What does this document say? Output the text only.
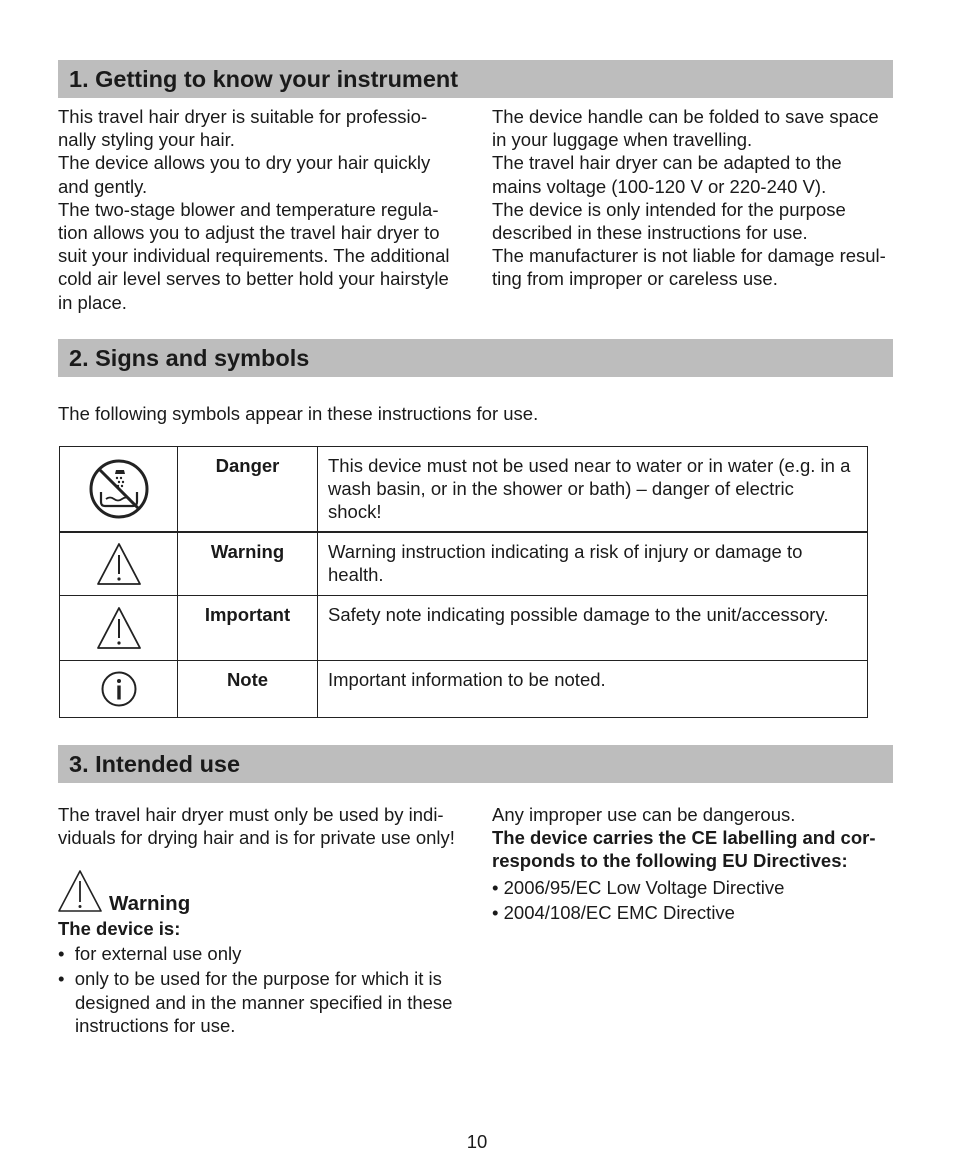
1. Getting to know your instrument

This travel hair dryer is suitable for professio-

nally styling your hair.

The device allows you to dry your hair quickly

and gently.

The two-stage blower and temperature regula-

tion allows you to adjust the travel hair dryer to

suit your individual requirements. The additional

cold air level serves to better hold your hairstyle

in place.

The device handle can be folded to save space

in your luggage when travelling.

The travel hair dryer can be adapted to the

mains voltage (100-120 V or 220-240 V).

The device is only intended for the purpose

described in these instructions for use.

The manufacturer is not liable for damage resul-

ting from improper or careless use.

2. Signs and symbols

The following symbols appear in these instructions for use.

	Danger	This device must not be used near to water or in water (e.g. in a
wash basin, or in the shower or bath) – danger of electric
shock!

	Warning	Warning instruction indicating a risk of injury or damage to
health.

	Important	Safety note indicating possible damage to the unit/accessory.

	Note	Important information to be noted.
3. Intended use

The travel hair dryer must only be used by indi-

viduals for drying hair and is for private use only!

Warning

The device is:

• for external use only

• only to be used for the purpose for which it is
designed and in the manner specified in these
instructions for use.

Any improper use can be dangerous.

The device carries the CE labelling and cor-

responds to the following EU Directives:

• 2006/95/EC Low Voltage Directive

• 2004/108/EC EMC Directive

10
